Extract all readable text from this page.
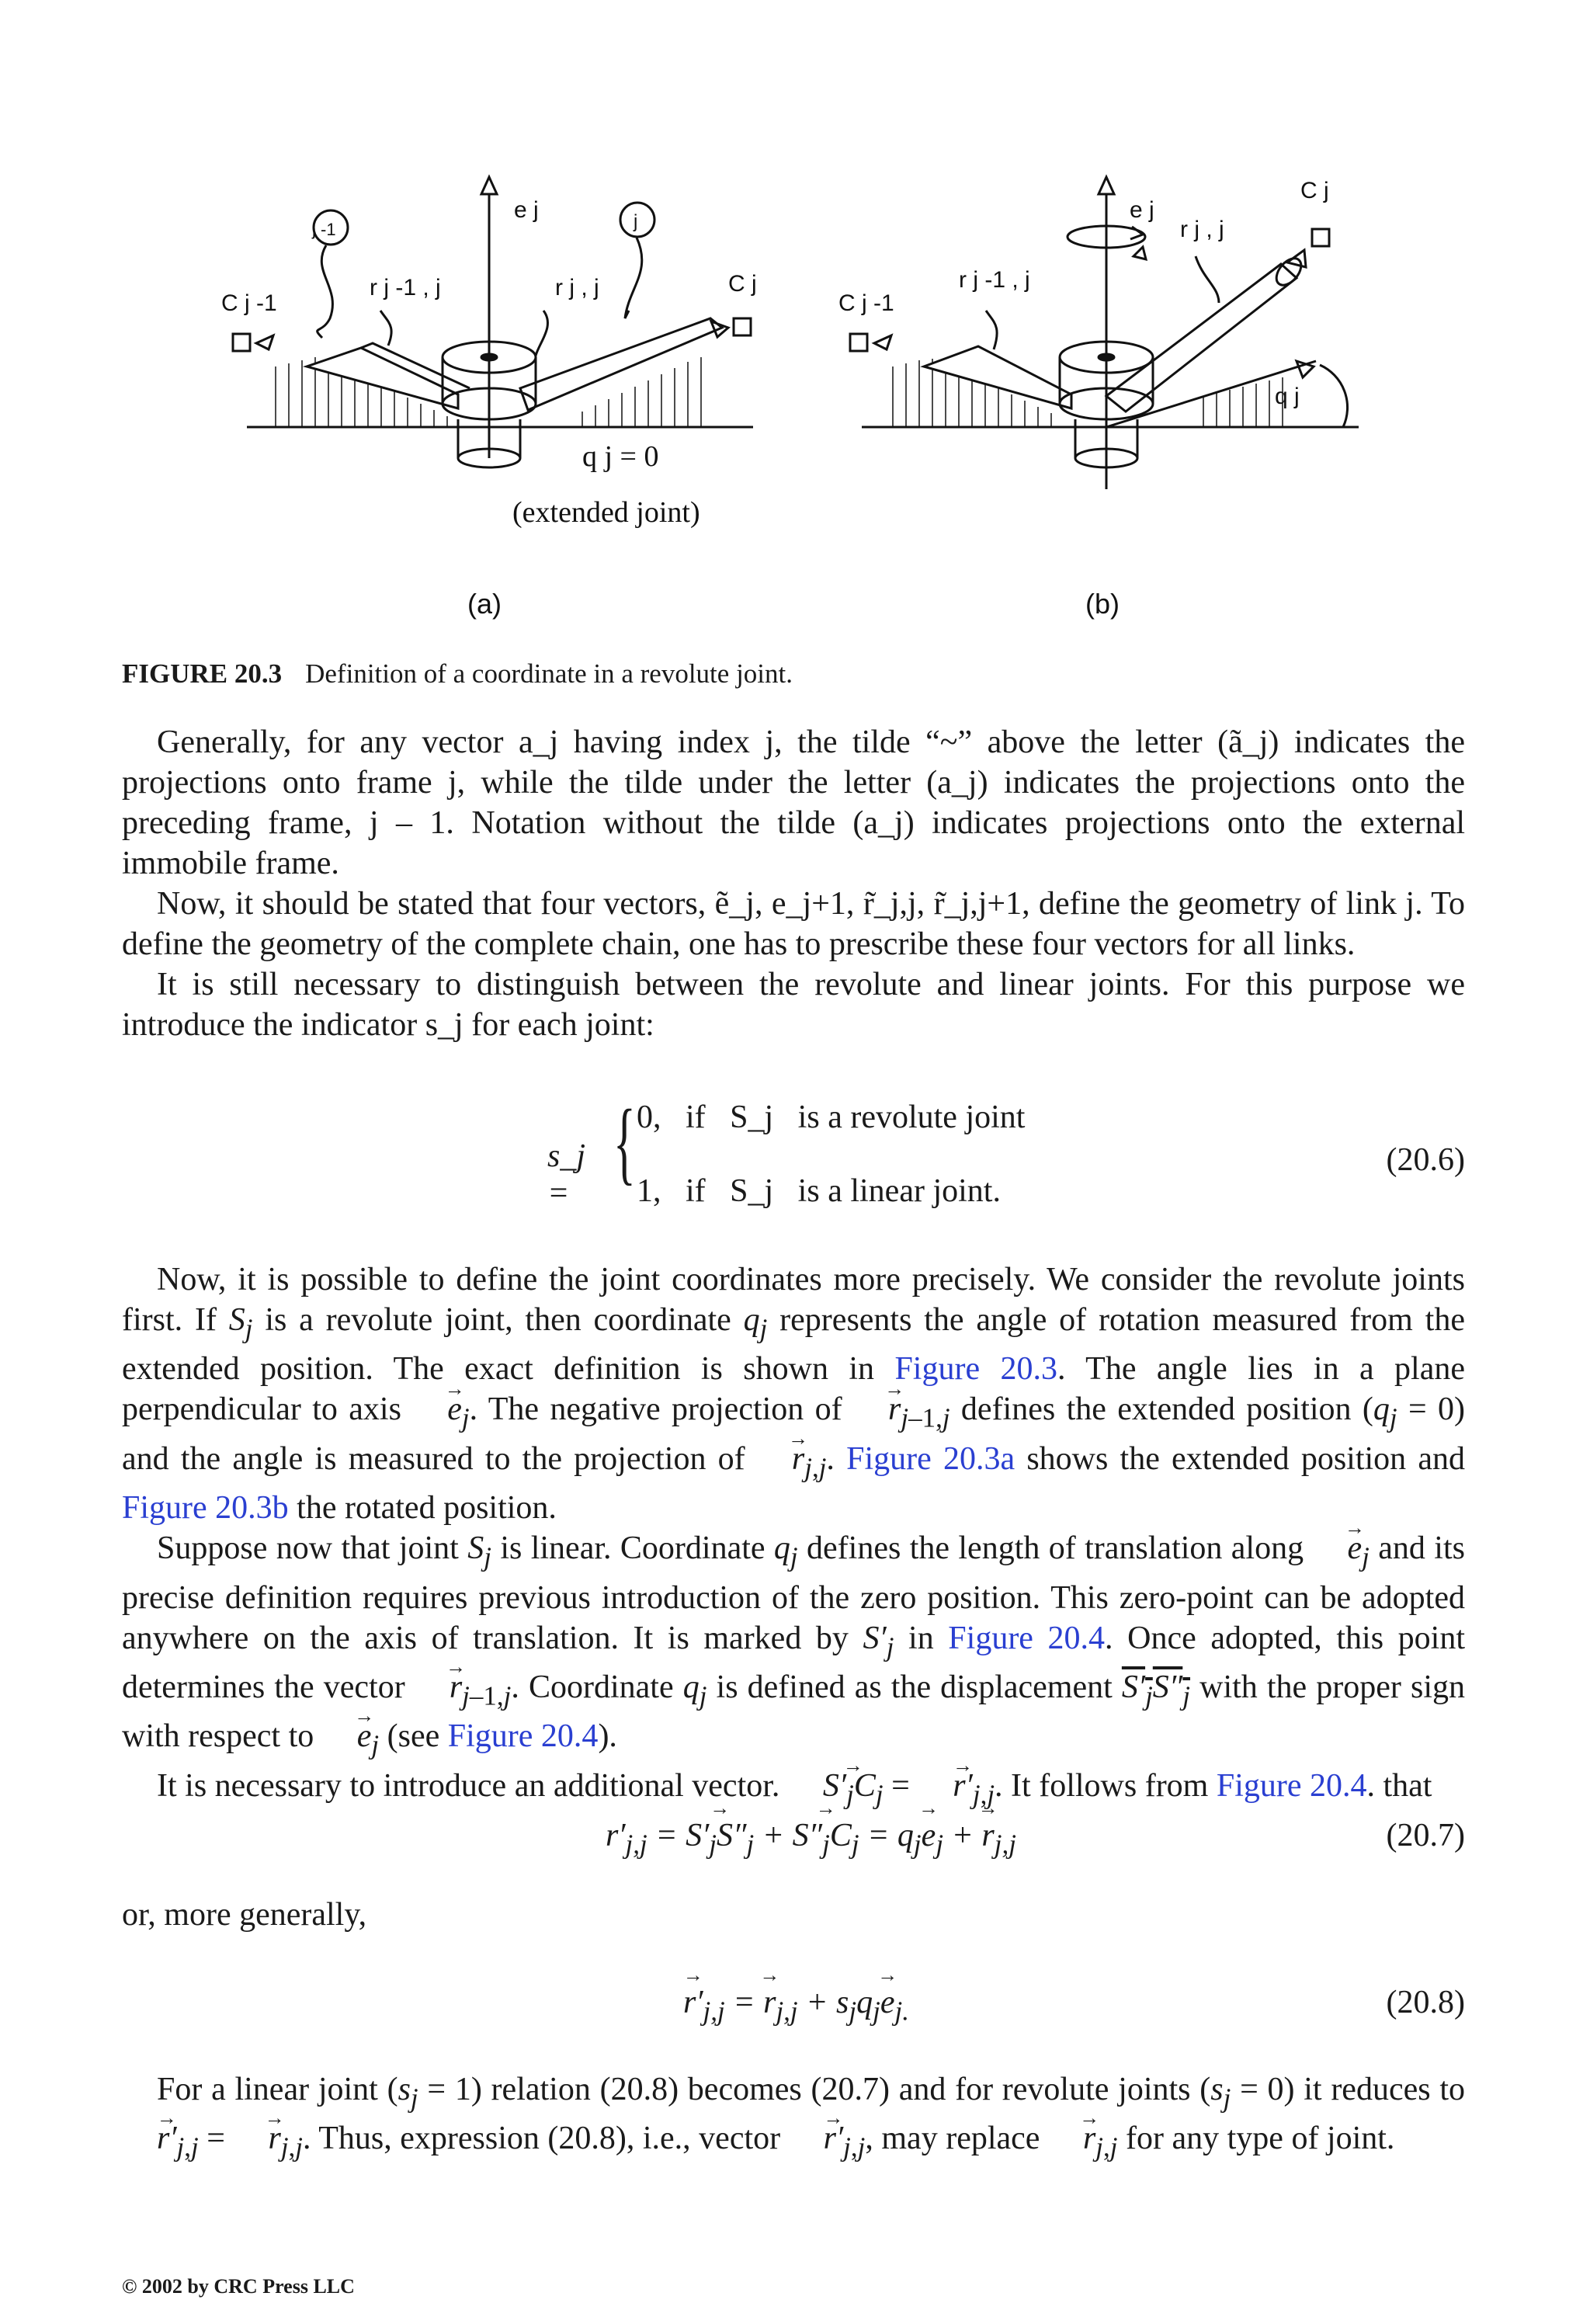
j -1	j
e j
r j -1 , j	r j , j
C j -1
C j
(a)
e j
r j , j
r j -1 , j
C j -1
C j
q j
(b)
q j = 0
(extended joint)
FIGURE 20.3 Definition of a coordinate in a revolute joint.

Generally, for any vector a_j having index j, the tilde “~” above the letter (ã_j) indicates the projections onto frame j, while the tilde under the letter (a_j) indicates the projections onto the preceding frame, j – 1. Notation without the tilde (a_j) indicates projections onto the external immobile frame.

Now, it should be stated that four vectors, ẽ_j, e_j+1, r̃_j,j, r̃_j,j+1, define the geometry of link j. To define the geometry of the complete chain, one has to prescribe these four vectors for all links.

It is still necessary to distinguish between the revolute and linear joints. For this purpose we introduce the indicator s_j for each joint:

s_j = { 0,   if   S_j   is a revolute joint
1,   if   S_j   is a linear joint.
(20.6)

Now, it is possible to define the joint coordinates more precisely. We consider the revolute joints first. If $S_j$ is a revolute joint, then coordinate $q_j$ represents the angle of rotation measured from the extended position. The exact definition is shown in Figure 20.3. The angle lies in a plane perpendicular to axis → $e_j$. The negative projection of → $r_{j-1,j}$ defines the extended position $(q_j = 0)$ and the angle is measured to the projection of → $r_{j,j}$. Figure 20.3a shows the extended position and Figure 20.3b the rotated position.

Suppose now that joint $S_j$ is linear. Coordinate $q_j$ defines the length of translation along → $e_j$ and its precise definition requires previous introduction of the zero position. This zero-point can be adopted anywhere on the axis of translation. It is marked by $S'_j$ in Figure 20.4. Once adopted, this point determines the vector → $r_{j-1,j}$. Coordinate $q_j$ is defined as the displacement $S'_jS''_j$ with the proper sign with respect to → $e_j$ (see Figure 20.4).

It is necessary to introduce an additional vector. → $S'_jC_j$ = → $r'_{j,j}$. It follows from Figure 20.4. that

$r'_{j,j}$ = → $S'_jS''_j$ + → $S''_jC_j = q_j\to e_j$ + → $r_{j,j}$	(20.7)

or, more generally,

→ $r'_{j,j}$ = → $r_{j,j} + s_jq_j\to e_{j.}$	(20.8)

For a linear joint $(s_j = 1)$ relation (20.8) becomes (20.7) and for revolute joints $(s_j = 0)$ it reduces to → $r'_{j,j}$ = → $r_{j,j}$. Thus, expression (20.8), i.e., vector → $r'_{j,j}$, may replace → $r_{j,j}$ for any type of joint.

© 2002 by CRC Press LLC
